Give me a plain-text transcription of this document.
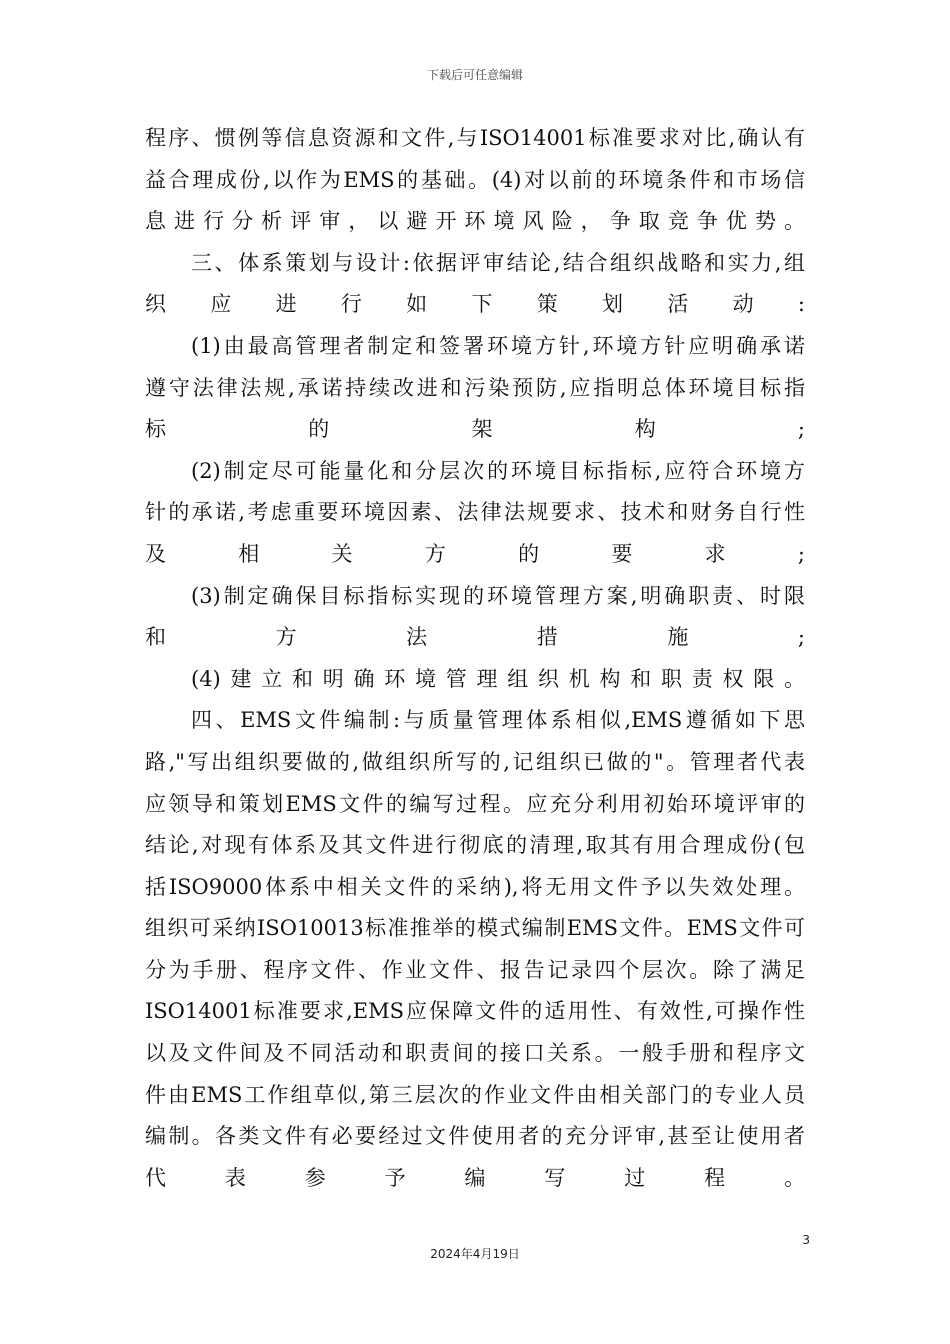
下载后可任意编辑
程序、惯例等信息资源和文件,与ISO14001标准要求对比,确认有
益合理成份,以作为EMS的基础。(4)对以前的环境条件和市场信
息进行分析评审，以避开环境风险，争取竞争优势。
三、体系策划与设计:依据评审结论,结合组织战略和实力,组
织应进行如下策划活动:
(1)由最高管理者制定和签署环境方针,环境方针应明确承诺
遵守法律法规,承诺持续改进和污染预防,应指明总体环境目标指
标的架构;
(2)制定尽可能量化和分层次的环境目标指标,应符合环境方
针的承诺,考虑重要环境因素、法律法规要求、技术和财务自行性
及相关方的要求;
(3)制定确保目标指标实现的环境管理方案,明确职责、时限
和方法措施;
(4)建立和明确环境管理组织机构和职责权限。
四、EMS文件编制:与质量管理体系相似,EMS遵循如下思
路,"写出组织要做的,做组织所写的,记组织已做的"。管理者代表
应领导和策划EMS文件的编写过程。应充分利用初始环境评审的
结论,对现有体系及其文件进行彻底的清理,取其有用合理成份(包
括ISO9000体系中相关文件的采纳),将无用文件予以失效处理。
组织可采纳ISO10013标准推举的模式编制EMS文件。EMS文件可
分为手册、程序文件、作业文件、报告记录四个层次。除了满足
ISO14001标准要求,EMS应保障文件的适用性、有效性,可操作性
以及文件间及不同活动和职责间的接口关系。一般手册和程序文
件由EMS工作组草似,第三层次的作业文件由相关部门的专业人员
编制。各类文件有必要经过文件使用者的充分评审,甚至让使用者
代表参予编写过程。
3
2024年4月19日
